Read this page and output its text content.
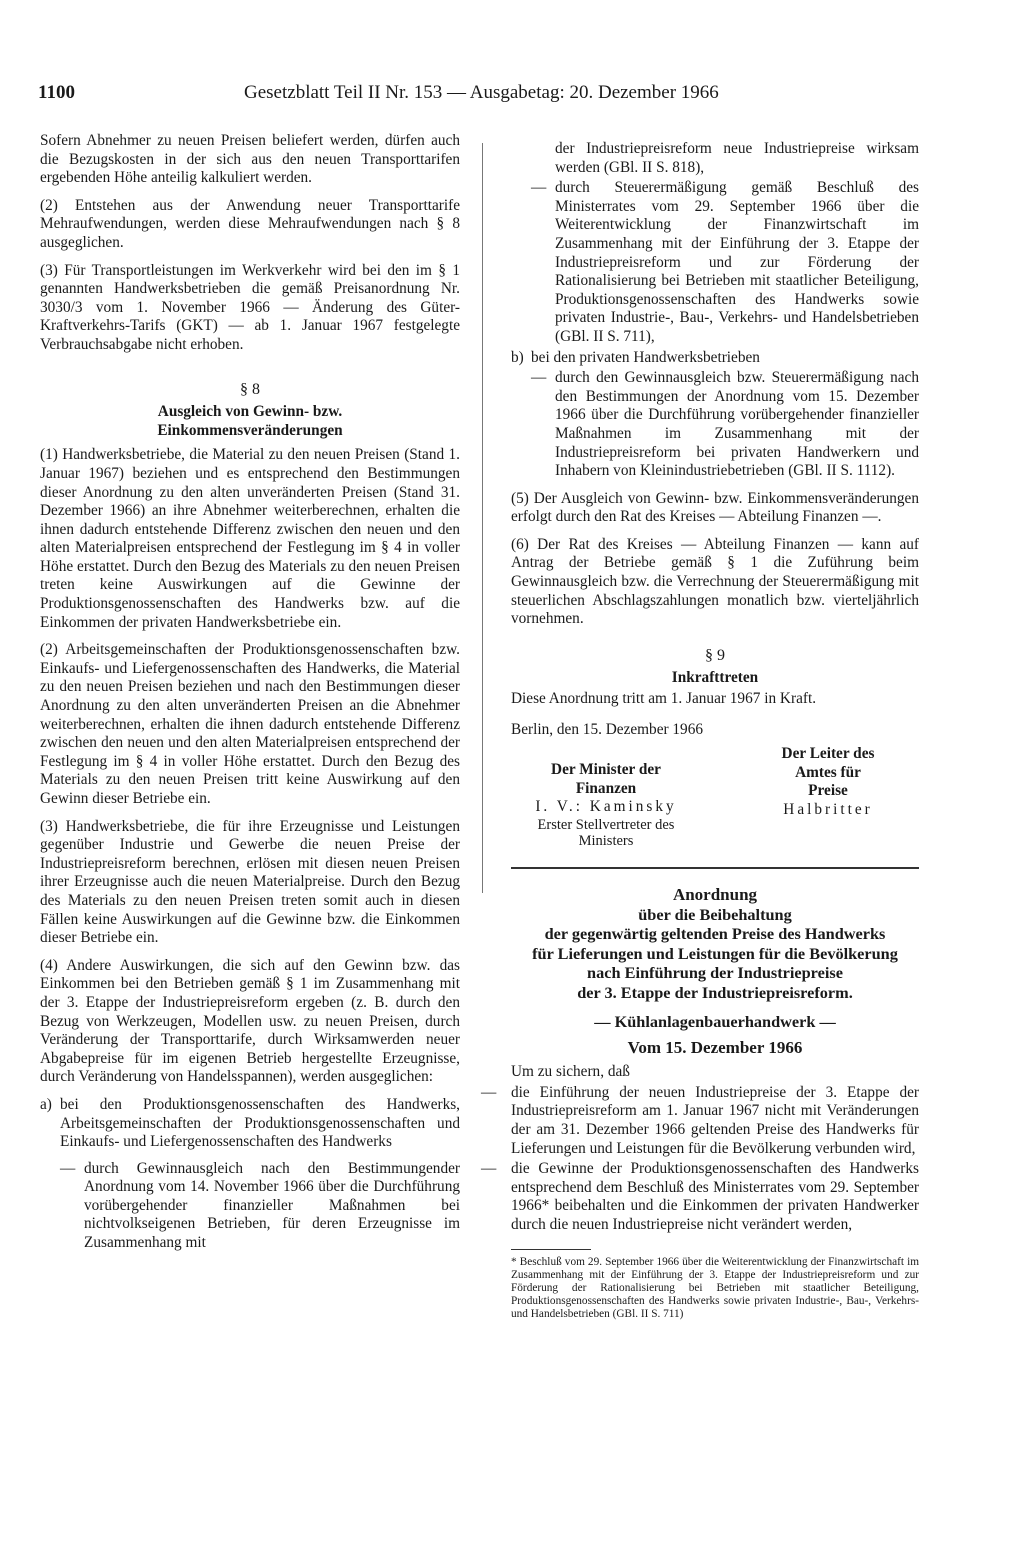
1100	Gesetzblatt Teil II Nr. 153 — Ausgabetag: 20. Dezember 1966

Sofern Abnehmer zu neuen Preisen beliefert werden, dürfen auch die Bezugskosten in der sich aus den neuen Transporttarifen ergebenden Höhe anteilig kalkuliert werden.

(2) Entstehen aus der Anwendung neuer Transporttarife Mehraufwendungen, werden diese Mehraufwendungen nach § 8 ausgeglichen.

(3) Für Transportleistungen im Werkverkehr wird bei den im § 1 genannten Handwerksbetrieben die gemäß Preisanordnung Nr. 3030/3 vom 1. November 1966 — Änderung des Güter-Kraftverkehrs-Tarifs (GKT) — ab 1. Januar 1967 festgelegte Verbrauchsabgabe nicht erhoben.

§ 8
Ausgleich von Gewinn- bzw. Einkommensveränderungen

(1) Handwerksbetriebe, die Material zu den neuen Preisen (Stand 1. Januar 1967) beziehen und es entsprechend den Bestimmungen dieser Anordnung zu den alten unveränderten Preisen (Stand 31. Dezember 1966) an ihre Abnehmer weiterberechnen, erhalten die ihnen dadurch entstehende Differenz zwischen den neuen und den alten Materialpreisen entsprechend der Festlegung im § 4 in voller Höhe erstattet. Durch den Bezug des Materials zu den neuen Preisen treten keine Auswirkungen auf die Gewinne der Produktionsgenossenschaften des Handwerks bzw. auf die Einkommen der privaten Handwerksbetriebe ein.

(2) Arbeitsgemeinschaften der Produktionsgenossenschaften bzw. Einkaufs- und Liefergenossenschaften des Handwerks, die Material zu den neuen Preisen beziehen und nach den Bestimmungen dieser Anordnung zu den alten unveränderten Preisen an die Abnehmer weiterberechnen, erhalten die ihnen dadurch entstehende Differenz zwischen den neuen und den alten Materialpreisen entsprechend der Festlegung im § 4 in voller Höhe erstattet. Durch den Bezug des Materials zu den neuen Preisen tritt keine Auswirkung auf den Gewinn dieser Betriebe ein.

(3) Handwerksbetriebe, die für ihre Erzeugnisse und Leistungen gegenüber Industrie und Gewerbe die neuen Preise der Industriepreisreform berechnen, erlösen mit diesen neuen Preisen ihrer Erzeugnisse auch die neuen Materialpreise. Durch den Bezug des Materials zu den neuen Preisen treten somit auch in diesen Fällen keine Auswirkungen auf die Gewinne bzw. die Einkommen dieser Betriebe ein.

(4) Andere Auswirkungen, die sich auf den Gewinn bzw. das Einkommen bei den Betrieben gemäß § 1 im Zusammenhang mit der 3. Etappe der Industriepreisreform ergeben (z. B. durch den Bezug von Werkzeugen, Modellen usw. zu neuen Preisen, durch Veränderung der Transporttarife, durch Wirksamwerden neuer Abgabepreise für im eigenen Betrieb hergestellte Erzeugnisse, durch Veränderung von Handelsspannen), werden ausgeglichen:

a) bei den Produktionsgenossenschaften des Handwerks, Arbeitsgemeinschaften der Produktionsgenossenschaften und Einkaufs- und Liefergenossenschaften des Handwerks
— durch Gewinnausgleich nach den Bestimmungender Anordnung vom 14. November 1966 über die Durchführung vorübergehender finanzieller Maßnahmen bei nichtvolkseigenen Betrieben, für deren Erzeugnisse im Zusammenhang mit
der Industriepreisreform neue Industriepreise wirksam werden (GBl. II S. 818),
— durch Steuerermäßigung gemäß Beschluß des Ministerrates vom 29. September 1966 über die Weiterentwicklung der Finanzwirtschaft im Zusammenhang mit der Einführung der 3. Etappe der Industriepreisreform und zur Förderung der Rationalisierung bei Betrieben mit staatlicher Beteiligung, Produktionsgenossenschaften des Handwerks sowie privaten Industrie-, Bau-, Verkehrs- und Handelsbetrieben (GBl. II S. 711),
b) bei den privaten Handwerksbetrieben
— durch den Gewinnausgleich bzw. Steuerermäßigung nach den Bestimmungen der Anordnung vom 15. Dezember 1966 über die Durchführung vorübergehender finanzieller Maßnahmen im Zusammenhang mit der Industriepreisreform bei privaten Handwerkern und Inhabern von Kleinindustriebetrieben (GBl. II S. 1112).

(5) Der Ausgleich von Gewinn- bzw. Einkommensveränderungen erfolgt durch den Rat des Kreises — Abteilung Finanzen —.

(6) Der Rat des Kreises — Abteilung Finanzen — kann auf Antrag der Betriebe gemäß § 1 die Zuführung beim Gewinnausgleich bzw. die Verrechnung der Steuerermäßigung mit steuerlichen Abschlagszahlungen monatlich bzw. vierteljährlich vornehmen.

§ 9
Inkrafttreten

Diese Anordnung tritt am 1. Januar 1967 in Kraft.

Berlin, den 15. Dezember 1966

Der Minister der Finanzen
I. V.: Kaminsky
Erster Stellvertreter des Ministers
Der Leiter des Amtes für Preise
Halbritter
Anordnung
über die Beibehaltung
der gegenwärtig geltenden Preise des Handwerks
für Lieferungen und Leistungen für die Bevölkerung
nach Einführung der Industriepreise
der 3. Etappe der Industriepreisreform.
— Kühlanlagenbauerhandwerk —
Vom 15. Dezember 1966

Um zu sichern, daß

— die Einführung der neuen Industriepreise der 3. Etappe der Industriepreisreform am 1. Januar 1967 nicht mit Veränderungen der am 31. Dezember 1966 geltenden Preise des Handwerks für Lieferungen und Leistungen für die Bevölkerung verbunden wird,
— die Gewinne der Produktionsgenossenschaften des Handwerks entsprechend dem Beschluß des Ministerrates vom 29. September 1966* beibehalten und die Einkommen der privaten Handwerker durch die neuen Industriepreise nicht verändert werden,
* Beschluß vom 29. September 1966 über die Weiterentwicklung der Finanzwirtschaft im Zusammenhang mit der Einführung der 3. Etappe der Industriepreisreform und zur Förderung der Rationalisierung bei Betrieben mit staatlicher Beteiligung, Produktionsgenossenschaften des Handwerks sowie privaten Industrie-, Bau-, Verkehrs- und Handelsbetrieben (GBl. II S. 711)
